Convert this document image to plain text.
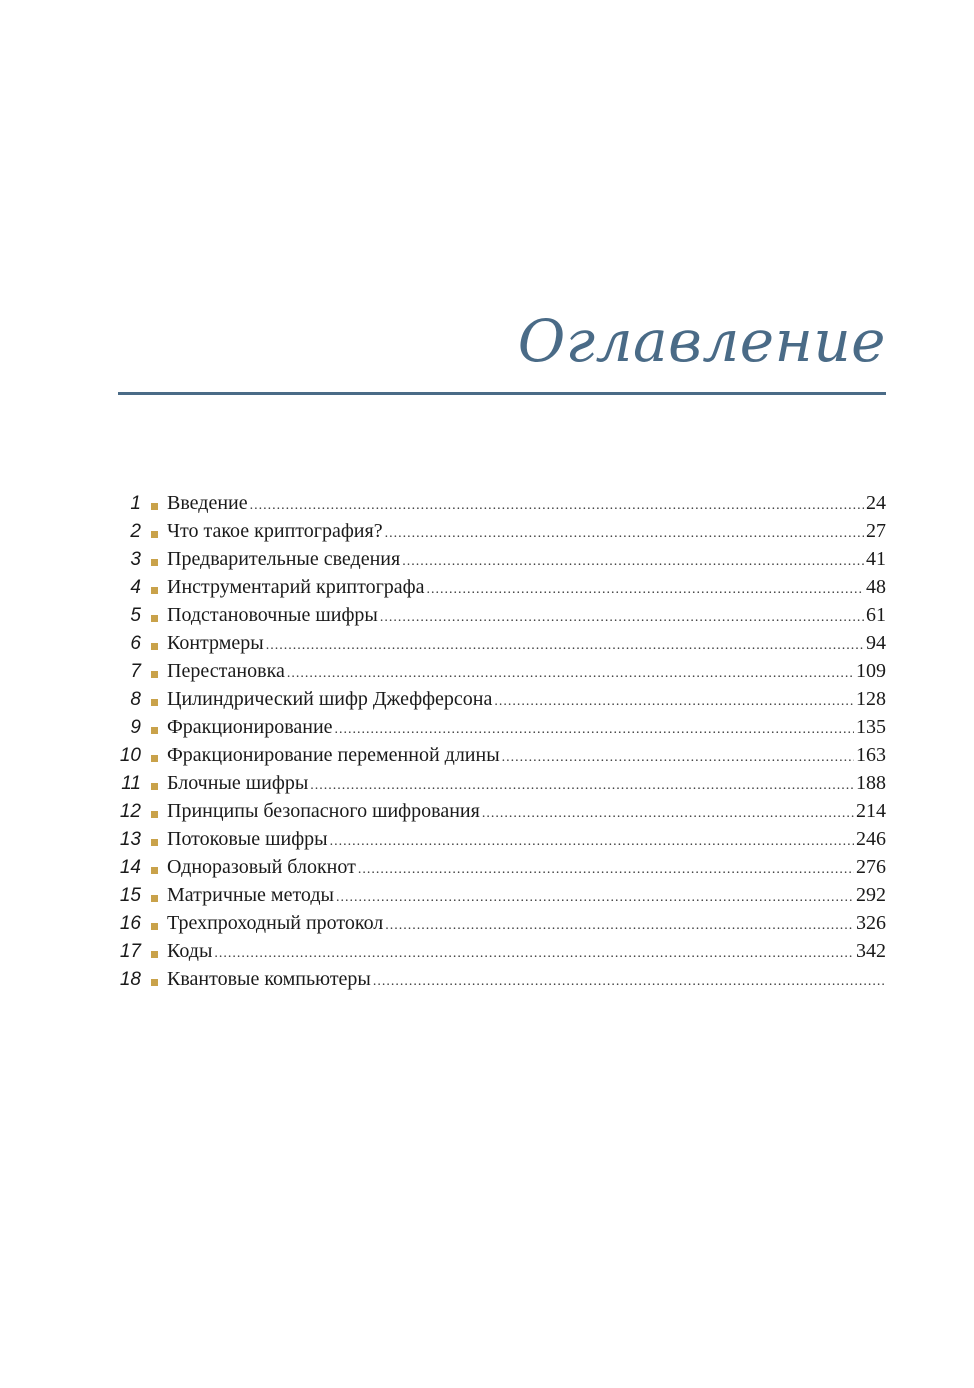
Оглавление
1 Введение .....	24
2 Что такое криптография? .....	27
3 Предварительные сведения .....	41
4 Инструментарий криптографа .....	48
5 Подстановочные шифры .....	61
6 Контрмеры .....	94
7 Перестановка .....	109
8 Цилиндрический шифр Джефферсона .....	128
9 Фракционирование .....	135
10 Фракционирование переменной длины .....	163
11 Блочные шифры .....	188
12 Принципы безопасного шифрования .....	214
13 Потоковые шифры .....	246
14 Одноразовый блокнот .....	276
15 Матричные методы .....	292
16 Трехпроходный протокол .....	326
17 Коды .....	342
18 Квантовые компьютеры
.....
